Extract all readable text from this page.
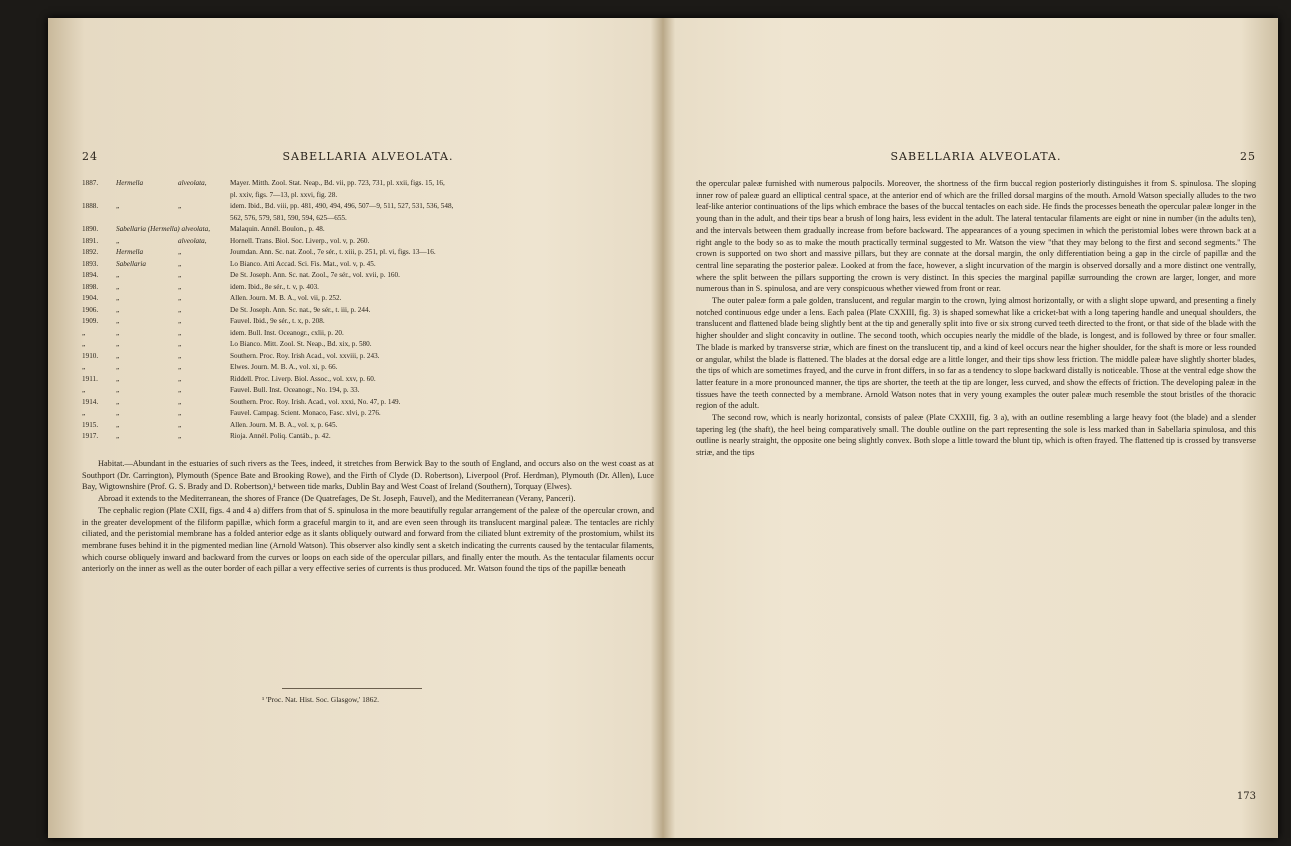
24	SABELLARIA ALVEOLATA.
1887.	Hermella	alveolata,	Mayer. Mitth. Zool. Stat. Neap., Bd. vii, pp. 723, 731, pl. xxii, figs. 15, 16,
pl. xxiv, figs. 7—13, pl. xxvi, fig. 28.
1888.	„	„	idem. Ibid., Bd. viii, pp. 481, 490, 494, 496, 507—9, 511, 527, 531, 536, 548,
562, 576, 579, 581, 590, 594, 625—655.
1890.	Sabellaria (Hermella) alveolata,	Malaquin. Annél. Boulon., p. 48.
1891.	„	alveolata,	Hornell. Trans. Biol. Soc. Liverp., vol. v, p. 260.
1892.	Hermella	„	Joumdan. Ann. Sc. nat. Zool., 7e sér., t. xiii, p. 251, pl. vi, figs. 13—16.
1893.	Sabellaria	„	Lo Bianco. Atti Accad. Sci. Fis. Mat., vol. v, p. 45.
1894.	„	„	De St. Joseph. Ann. Sc. nat. Zool., 7e sér., vol. xvii, p. 160.
1898.	„	„	idem. Ibid., 8e sér., t. v, p. 403.
1904.	„	„	Allen. Journ. M. B. A., vol. vii, p. 252.
1906.	„	„	De St. Joseph. Ann. Sc. nat., 9e sér., t. iii, p. 244.
1909.	„	„	Fauvel. Ibid., 9e sér., t. x, p. 208.
„	„	„	idem. Bull. Inst. Oceanogr., cxlii, p. 20.
„	„	„	Lo Bianco. Mitt. Zool. St. Neap., Bd. xix, p. 580.
1910.	„	„	Southern. Proc. Roy. Irish Acad., vol. xxviii, p. 243.
„	„	„	Elwes. Journ. M. B. A., vol. xi, p. 66.
1911.	„	„	Riddell. Proc. Liverp. Biol. Assoc., vol. xxv, p. 60.
„	„	„	Fauvel. Bull. Inst. Oceanogr., No. 194, p. 33.
1914.	„	„	Southern. Proc. Roy. Irish. Acad., vol. xxxi, No. 47, p. 149.
„	„	„	Fauvel. Campag. Scient. Monaco, Fasc. xlvi, p. 276.
1915.	„	„	Allen. Journ. M. B. A., vol. x, p. 645.
1917.	„	„	Rioja. Annél. Poliq. Cantáb., p. 42.

Habitat.—Abundant in the estuaries of such rivers as the Tees, indeed, it stretches from Berwick Bay to the south of England, and occurs also on the west coast as at Southport (Dr. Carrington), Plymouth (Spence Bate and Brooking Rowe), and the Firth of Clyde (D. Robertson), Liverpool (Prof. Herdman), Plymouth (Dr. Allen), Luce Bay, Wigtownshire (Prof. G. S. Brady and D. Robertson),¹ between tide marks, Dublin Bay and West Coast of Ireland (Southern), Torquay (Elwes).

Abroad it extends to the Mediterranean, the shores of France (De Quatrefages, De St. Joseph, Fauvel), and the Mediterranean (Verany, Panceri).

The cephalic region (Plate CXII, figs. 4 and 4 a) differs from that of S. spinulosa in the more beautifully regular arrangement of the paleæ of the opercular crown, and in the greater development of the filiform papillæ, which form a graceful margin to it, and are even seen through its translucent marginal paleæ. The tentacles are richly ciliated, and the peristomial membrane has a folded anterior edge as it slants obliquely outward and forward from the ciliated blunt extremity of the prostomium, whilst its membrane fuses behind it in the pigmented median line (Arnold Watson). This observer also kindly sent a sketch indicating the currents caused by the tentacular filaments, which course obliquely inward and backward from the curves or loops on each side of the opercular pillars, and finally enter the mouth. As the tentacular filaments occur anteriorly on the inner as well as the outer border of each pillar a very effective series of currents is thus produced. Mr. Watson found the tips of the papillæ beneath

¹ 'Proc. Nat. Hist. Soc. Glasgow,' 1862.
SABELLARIA ALVEOLATA.	25

the opercular paleæ furnished with numerous palpocils. Moreover, the shortness of the firm buccal region posteriorly distinguishes it from S. spinulosa. The sloping inner row of paleæ guard an elliptical central space, at the anterior end of which are the frilled dorsal margins of the mouth. Arnold Watson specially alludes to the two leaf-like anterior continuations of the lips which embrace the bases of the buccal tentacles on each side. He finds the processes beneath the opercular paleæ longer in the young than in the adult, and their tips bear a brush of long hairs, less evident in the adult. The lateral tentacular filaments are eight or nine in number (in the adults ten), and the intervals between them gradually increase from before backward. The appearances of a young specimen in which the peristomial lobes were thrown back at a right angle to the body so as to make the mouth practically terminal suggested to Mr. Watson the view "that they may belong to the first and second segments." The crown is supported on two short and massive pillars, but they are connate at the dorsal margin, the only differentiation being a gap in the circle of papillæ and the central line separating the posterior paleæ. Looked at from the face, however, a slight incurvation of the margin is observed dorsally and a more distinct one ventrally, where the split between the pillars supporting the crown is very distinct. In this species the marginal papillæ surrounding the crown are larger, longer, and more numerous than in S. spinulosa, and are very conspicuous whether viewed from front or rear.

The outer paleæ form a pale golden, translucent, and regular margin to the crown, lying almost horizontally, or with a slight slope upward, and presenting a finely notched continuous edge under a lens. Each palea (Plate CXXIII, fig. 3) is shaped somewhat like a cricket-bat with a long tapering handle and unequal shoulders, the translucent and flattened blade being slightly bent at the tip and generally split into five or six strong curved teeth directed to the front, or that side of the blade with the higher shoulder and slight concavity in outline. The second tooth, which occupies nearly the middle of the blade, is longest, and is followed by three or four smaller. The blade is marked by transverse striæ, which are finest on the translucent tip, and a kind of keel occurs near the higher shoulder, for the shaft is more or less rounded or angular, whilst the blade is flattened. The blades at the dorsal edge are a little longer, and their tips show less friction. The middle paleæ have slightly shorter blades, the tips of which are sometimes frayed, and the curve in front differs, in so far as a tendency to slope backward distally is noticeable. Those at the ventral edge show the latter feature in a more pronounced manner, the tips are shorter, the teeth at the tip are longer, less curved, and show the effects of friction. The developing paleæ in the tissues have the teeth connected by a membrane. Arnold Watson notes that in very young examples the outer paleæ much resemble the stout bristles of the thoracic region of the adult.

The second row, which is nearly horizontal, consists of paleæ (Plate CXXIII, fig. 3 a), with an outline resembling a large heavy foot (the blade) and a slender tapering leg (the shaft), the heel being comparatively small. The double outline on the part representing the sole is less marked than in Sabellaria spinulosa, and this outline is nearly straight, the opposite one being slightly convex. Both slope a little toward the blunt tip, which is often frayed. The flattened tip is crossed by transverse striæ, and the tips

173
